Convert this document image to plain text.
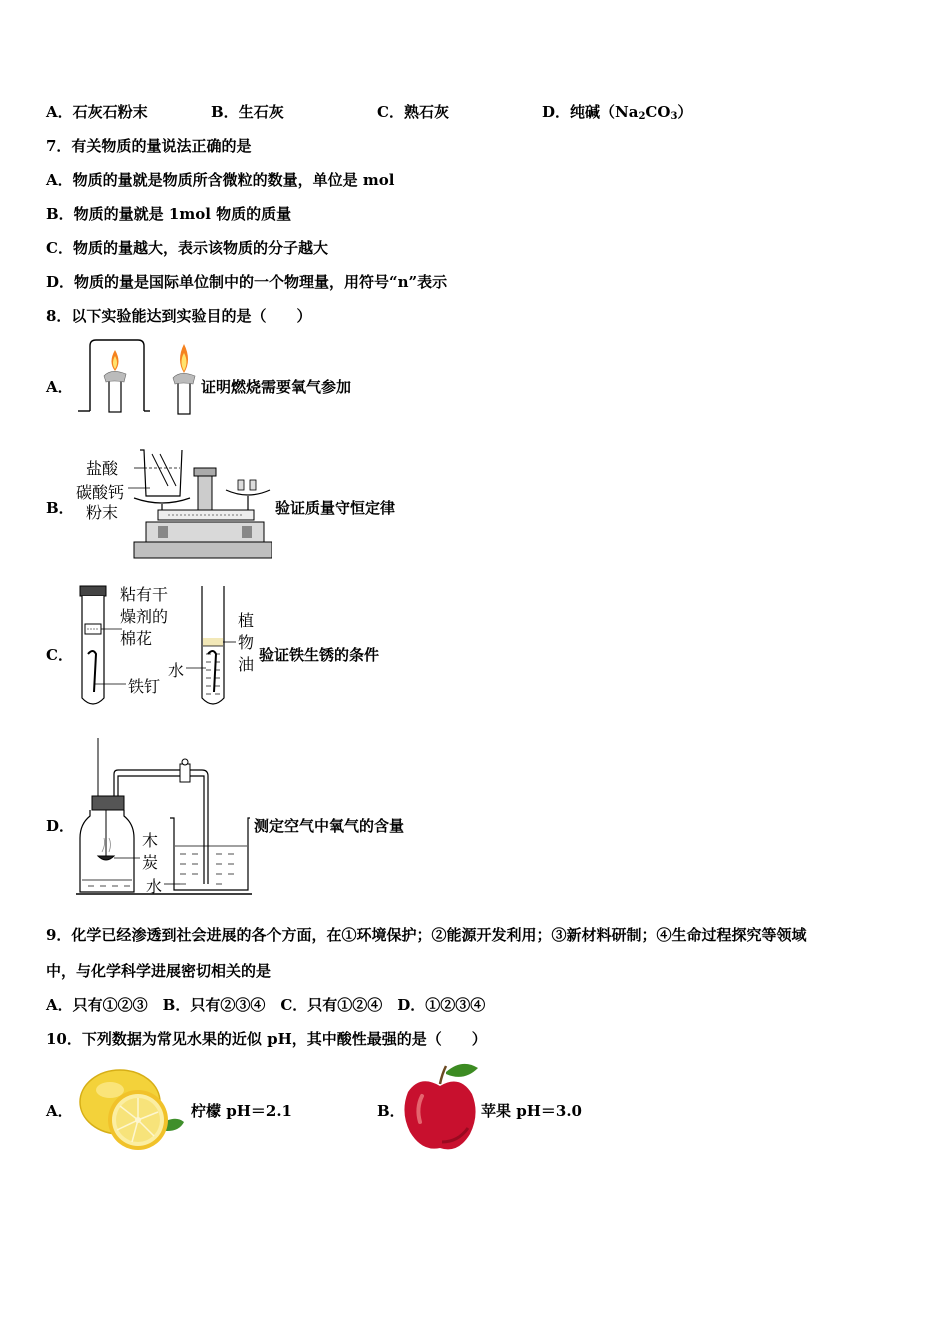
A．石灰石粉末	B．生石灰	C．熟石灰	D．纯碱$(Na_2CO_3)$
7．有关物质的量说法正确的是
A．物质的量就是物质所含微粒的数量，单位是 mol
B．物质的量就是 1mol 物质的质量
C．物质的量越大，表示该物质的分子越大
D．物质的量是国际单位制中的一个物理量，用符号“n”表示
8．以下实验能达到实验目的是（　　）
A．	证明燃烧需要氧气参加
B．
盐酸
碳酸钙
粉末	验证质量守恒定律
C．
粘有干
燥剂的
棉花
铁钉
植
物
油
水
验证铁生锈的条件
D．
木
炭
水
测定空气中氧气的含量
9．化学已经渗透到社会进展的各个方面，在①环境保护；②能源开发利用；③新材料研制；④生命过程探究等领域
中，与化学科学进展密切相关的是
A．只有①②③　B．只有②③④　C．只有①②④　D．①②③④
10．下列数据为常见水果的近似 pH，其中酸性最强的是（　　）
A．	柠檬 pH＝2.1	B．	苹果 pH＝3.0
